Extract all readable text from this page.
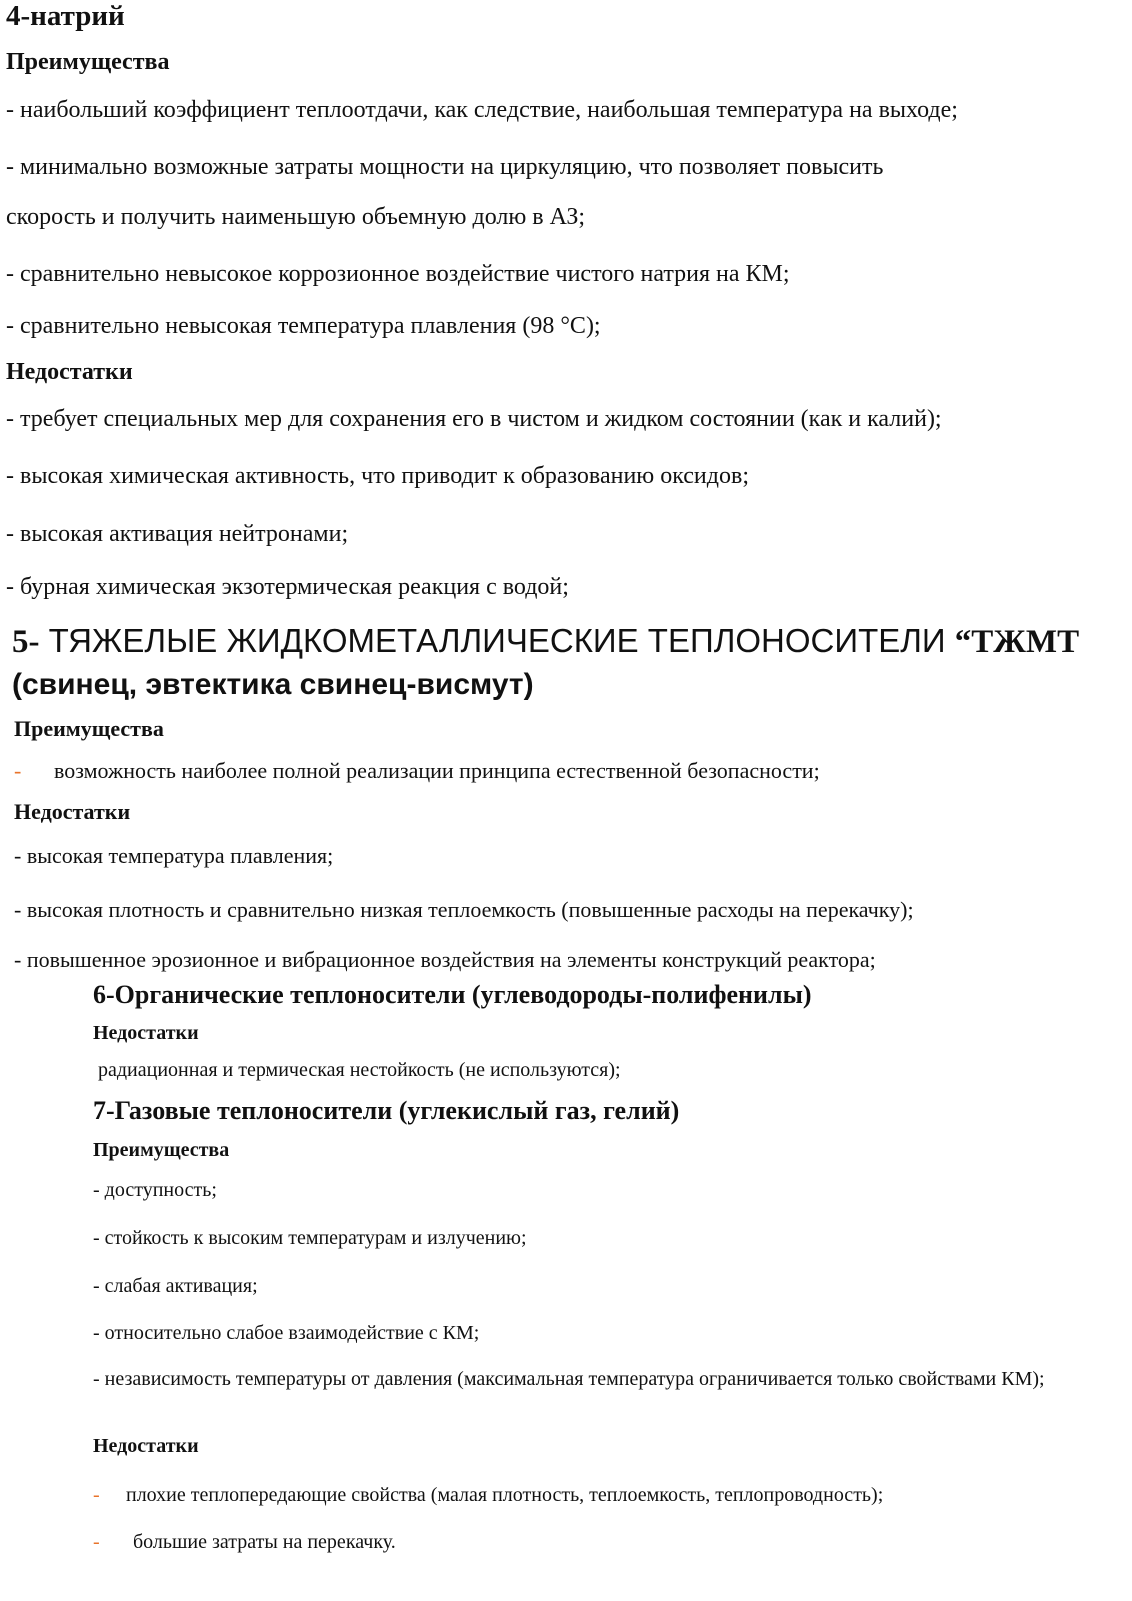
4-натрий
Преимущества
- наибольший коэффициент теплоотдачи, как следствие, наибольшая температура на выходе;
- минимально возможные затраты мощности на циркуляцию, что позволяет повысить
скорость и получить наименьшую объемную долю в АЗ;
- сравнительно невысокое коррозионное воздействие чистого натрия на КМ;
- сравнительно невысокая температура плавления (98 °C);
Недостатки
- требует специальных мер для сохранения его в чистом и жидком состоянии (как и калий);
- высокая химическая активность, что приводит к образованию оксидов;
- высокая активация нейтронами;
- бурная химическая экзотермическая реакция с водой;
5- ТЯЖЕЛЫЕ ЖИДКОМЕТАЛЛИЧЕСКИЕ ТЕПЛОНОСИТЕЛИ “ТЖМТ
(свинец, эвтектика свинец-висмут)
Преимущества
- возможность наиболее полной реализации принципа естественной безопасности;
Недостатки
- высокая температура плавления;
- высокая плотность и сравнительно низкая теплоемкость (повышенные расходы на перекачку);
- повышенное эрозионное и вибрационное воздействия на элементы конструкций реактора;
6-Органические теплоносители (углеводороды-полифенилы)
Недостатки
радиационная и термическая нестойкость (не используются);
7-Газовые теплоносители (углекислый газ, гелий)
Преимущества
- доступность;
- стойкость к высоким температурам и излучению;
- слабая активация;
- относительно слабое взаимодействие с КМ;
- независимость температуры от давления (максимальная температура ограничивается только свойствами КМ);
Недостатки
- плохие теплопередающие свойства (малая плотность, теплоемкость, теплопроводность);
- большие затраты на перекачку.
